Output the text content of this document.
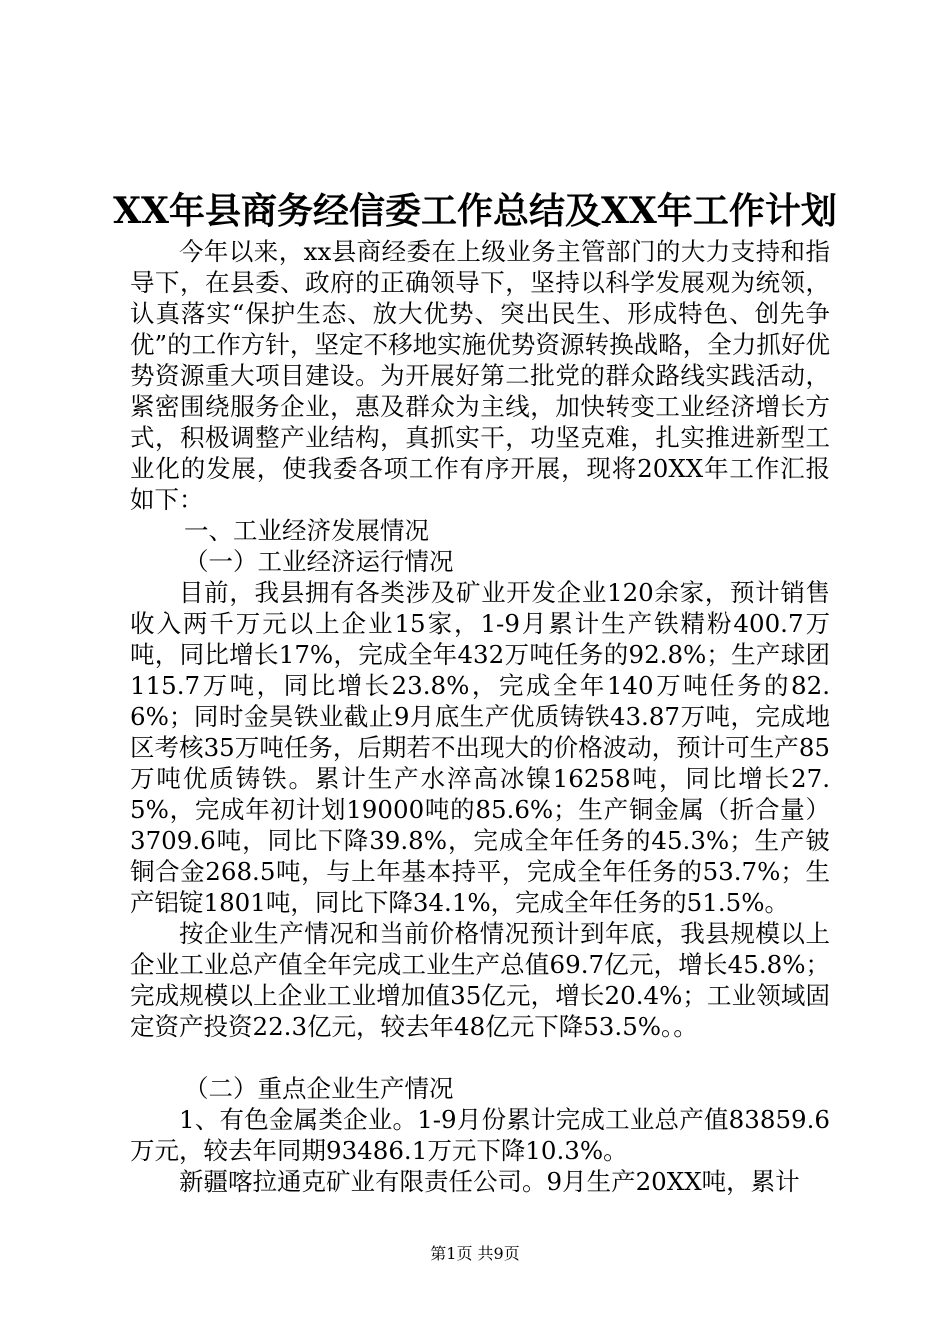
XX年县商务经信委工作总结及XX年工作计划

今年以来，xx县商经委在上级业务主管部门的大力支持和指导下，在县委、政府的正确领导下，坚持以科学发展观为统领，认真落实“保护生态、放大优势、突出民生、形成特色、创先争优”的工作方针，坚定不移地实施优势资源转换战略，全力抓好优势资源重大项目建设。为开展好第二批党的群众路线实践活动，紧密围绕服务企业，惠及群众为主线，加快转变工业经济增长方式，积极调整产业结构，真抓实干，功坚克难，扎实推进新型工业化的发展，使我委各项工作有序开展，现将20XX年工作汇报如下：

一、工业经济发展情况

（一）工业经济运行情况

目前，我县拥有各类涉及矿业开发企业120余家，预计销售收入两千万元以上企业15家，1-9月累计生产铁精粉400.7万吨，同比增长17%，完成全年432万吨任务的92.8%；生产球团115.7万吨，同比增长23.8%，完成全年140万吨任务的82.6%；同时金昊铁业截止9月底生产优质铸铁43.87万吨，完成地区考核35万吨任务，后期若不出现大的价格波动，预计可生产85万吨优质铸铁。累计生产水淬高冰镍16258吨，同比增长27.5%，完成年初计划19000吨的85.6%；生产铜金属（折合量）3709.6吨，同比下降39.8%，完成全年任务的45.3%；生产铍铜合金268.5吨，与上年基本持平，完成全年任务的53.7%；生产铝锭1801吨，同比下降34.1%，完成全年任务的51.5%。

按企业生产情况和当前价格情况预计到年底，我县规模以上企业工业总产值全年完成工业生产总值69.7亿元，增长45.8%；完成规模以上企业工业增加值35亿元，增长20.4%；工业领域固定资产投资22.3亿元，较去年48亿元下降53.5%。。

（二）重点企业生产情况

1、有色金属类企业。1-9月份累计完成工业总产值83859.6万元，较去年同期93486.1万元下降10.3%。

新疆喀拉通克矿业有限责任公司。9月生产20XX吨，累计

第1页 共9页
